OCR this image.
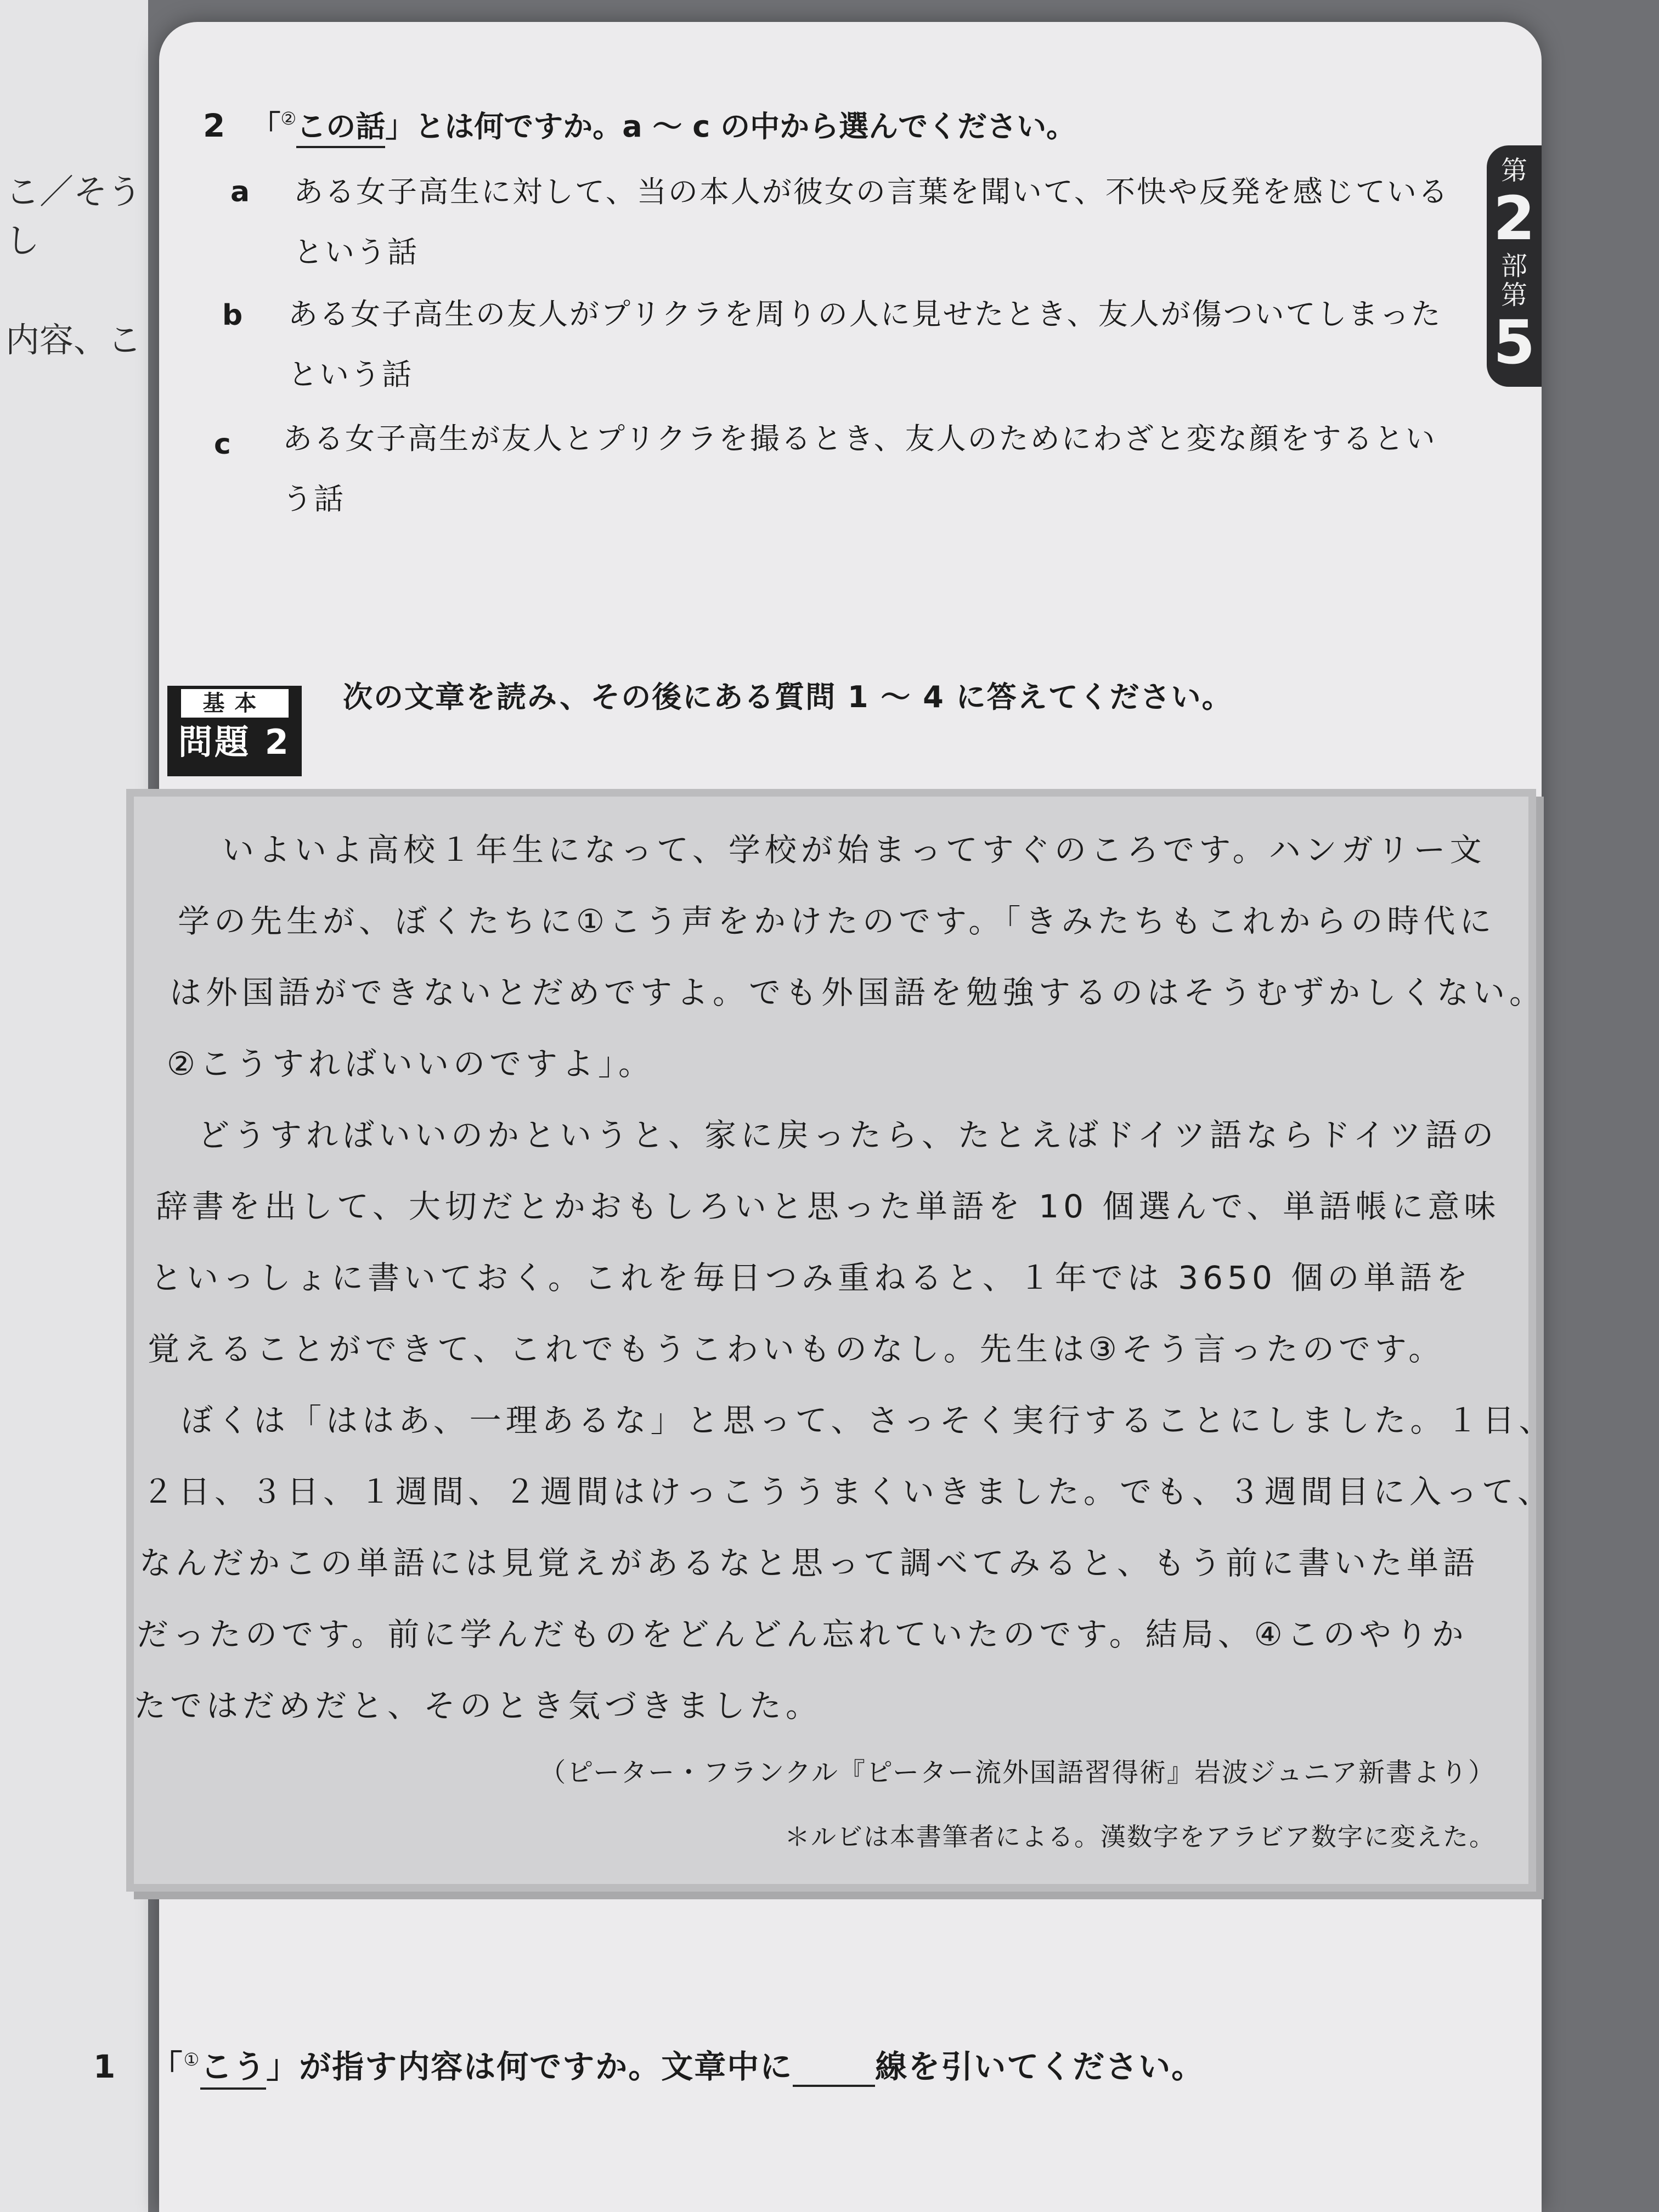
こ／そうし
内容、こ
第
2
部
第
5
2 「②この話」とは何ですか。a 〜 c の中から選んでください。
a ある女子高生に対して、当の本人が彼女の言葉を聞いて、不快や反発を感じている
という話
b ある女子高生の友人がプリクラを周りの人に見せたとき、友人が傷ついてしまった
という話
c ある女子高生が友人とプリクラを撮るとき、友人のためにわざと変な顔をするとい
う話
基本
問題 2
次の文章を読み、その後にある質問 1 〜 4 に答えてください。
　いよいよ高校１年生になって、学校が始まってすぐのころです。ハンガリー文
学の先生が、ぼくたちに①こう声をかけたのです。「きみたちもこれからの時代に
は外国語ができないとだめですよ。でも外国語を勉強するのはそうむずかしくない。
②こうすればいいのですよ」。
　どうすればいいのかというと、家に戻ったら、たとえばドイツ語ならドイツ語の
辞書を出して、大切だとかおもしろいと思った単語を 10 個選んで、単語帳に意味
といっしょに書いておく。これを毎日つみ重ねると、１年では 3650 個の単語を
覚えることができて、これでもうこわいものなし。先生は③そう言ったのです。
　ぼくは「ははあ、一理あるな」と思って、さっそく実行することにしました。１日、
２日、３日、１週間、２週間はけっこううまくいきました。でも、３週間目に入って、
なんだかこの単語には見覚えがあるなと思って調べてみると、もう前に書いた単語
だったのです。前に学んだものをどんどん忘れていたのです。結局、④このやりか
たではだめだと、そのとき気づきました。
（ピーター・フランクル『ピーター流外国語習得術』岩波ジュニア新書より）
＊ルビは本書筆者による。漢数字をアラビア数字に変えた。
1 「①こう」が指す内容は何ですか。文章中に	線を引いてください。
